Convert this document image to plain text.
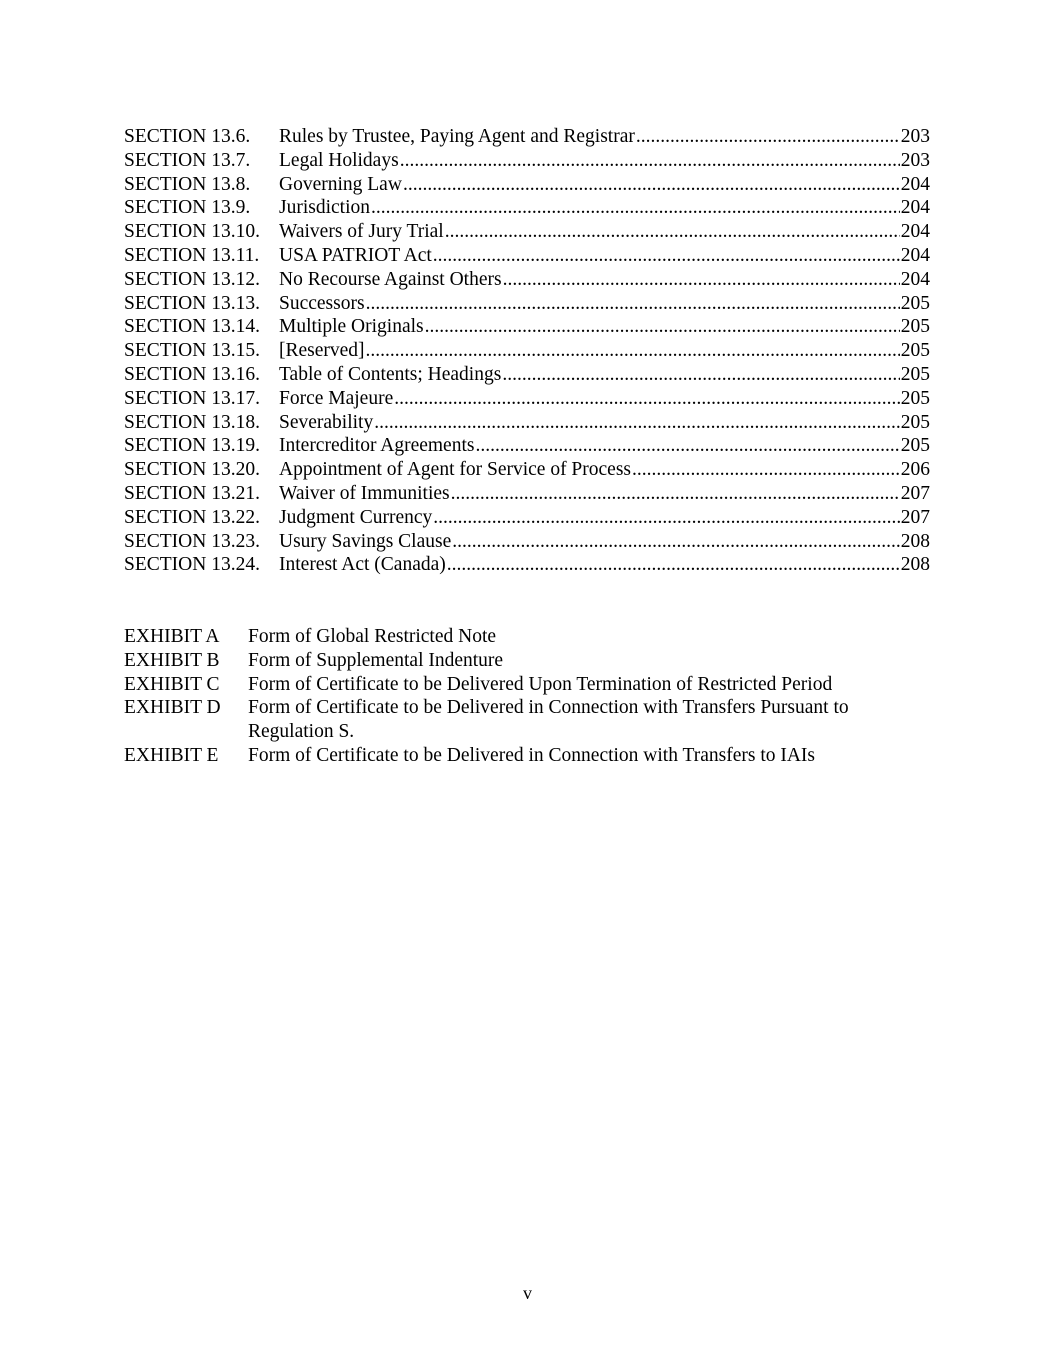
SECTION 13.6.	Rules by Trustee, Paying Agent and Registrar .....	203
SECTION 13.7.	Legal Holidays .....	203
SECTION 13.8.	Governing Law .....	204
SECTION 13.9.	Jurisdiction .....	204
SECTION 13.10. Waivers of Jury Trial .....	204
SECTION 13.11.	USA PATRIOT Act .....	204
SECTION 13.12. No Recourse Against Others .....	204
SECTION 13.13. Successors .....	205
SECTION 13.14. Multiple Originals .....	205
SECTION 13.15. [Reserved] .....	205
SECTION 13.16. Table of Contents; Headings .....	205
SECTION 13.17. Force Majeure .....	205
SECTION 13.18. Severability .....	205
SECTION 13.19. Intercreditor Agreements .....	205
SECTION 13.20. Appointment of Agent for Service of Process .....	206
SECTION 13.21. Waiver of Immunities .....	207
SECTION 13.22. Judgment Currency .....	207
SECTION 13.23. Usury Savings Clause .....	208
SECTION 13.24. Interest Act (Canada) .....	208
EXHIBIT A	Form of Global Restricted Note
EXHIBIT B	Form of Supplemental Indenture
EXHIBIT C	Form of Certificate to be Delivered Upon Termination of Restricted Period
EXHIBIT D	Form of Certificate to be Delivered in Connection with Transfers Pursuant to Regulation S.
EXHIBIT E	Form of Certificate to be Delivered in Connection with Transfers to IAIs
v
